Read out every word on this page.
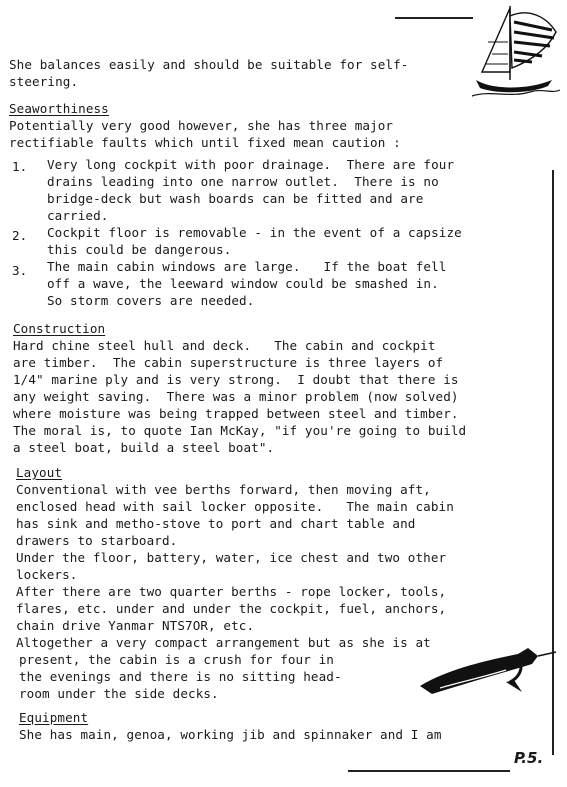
She balances easily and should be suitable for self-
steering.
Seaworthiness
Potentially very good however, she has three major
rectifiable faults which until fixed mean caution :
1. Very long cockpit with poor drainage.  There are four
drains leading into one narrow outlet.  There is no
bridge-deck but wash boards can be fitted and are
carried.
2. Cockpit floor is removable - in the event of a capsize
this could be dangerous.
3. The main cabin windows are large.   If the boat fell
off a wave, the leeward window could be smashed in.
So storm covers are needed.
Construction
Hard chine steel hull and deck.   The cabin and cockpit
are timber.  The cabin superstructure is three layers of
1/4" marine ply and is very strong.  I doubt that there is
any weight saving.  There was a minor problem (now solved)
where moisture was being trapped between steel and timber.
The moral is, to quote Ian McKay, "if you're going to build
a steel boat, build a steel boat".
Layout
Conventional with vee berths forward, then moving aft,
enclosed head with sail locker opposite.   The main cabin
has sink and metho-stove to port and chart table and
drawers to starboard.
Under the floor, battery, water, ice chest and two other
lockers.
After there are two quarter berths - rope locker, tools,
flares, etc. under and under the cockpit, fuel, anchors,
chain drive Yanmar NTS7OR, etc.
Altogether a very compact arrangement but as she is at
present, the cabin is a crush for four in
the evenings and there is no sitting head-
room under the side decks.
Equipment
She has main, genoa, working jib and spinnaker and I am
P.5.
